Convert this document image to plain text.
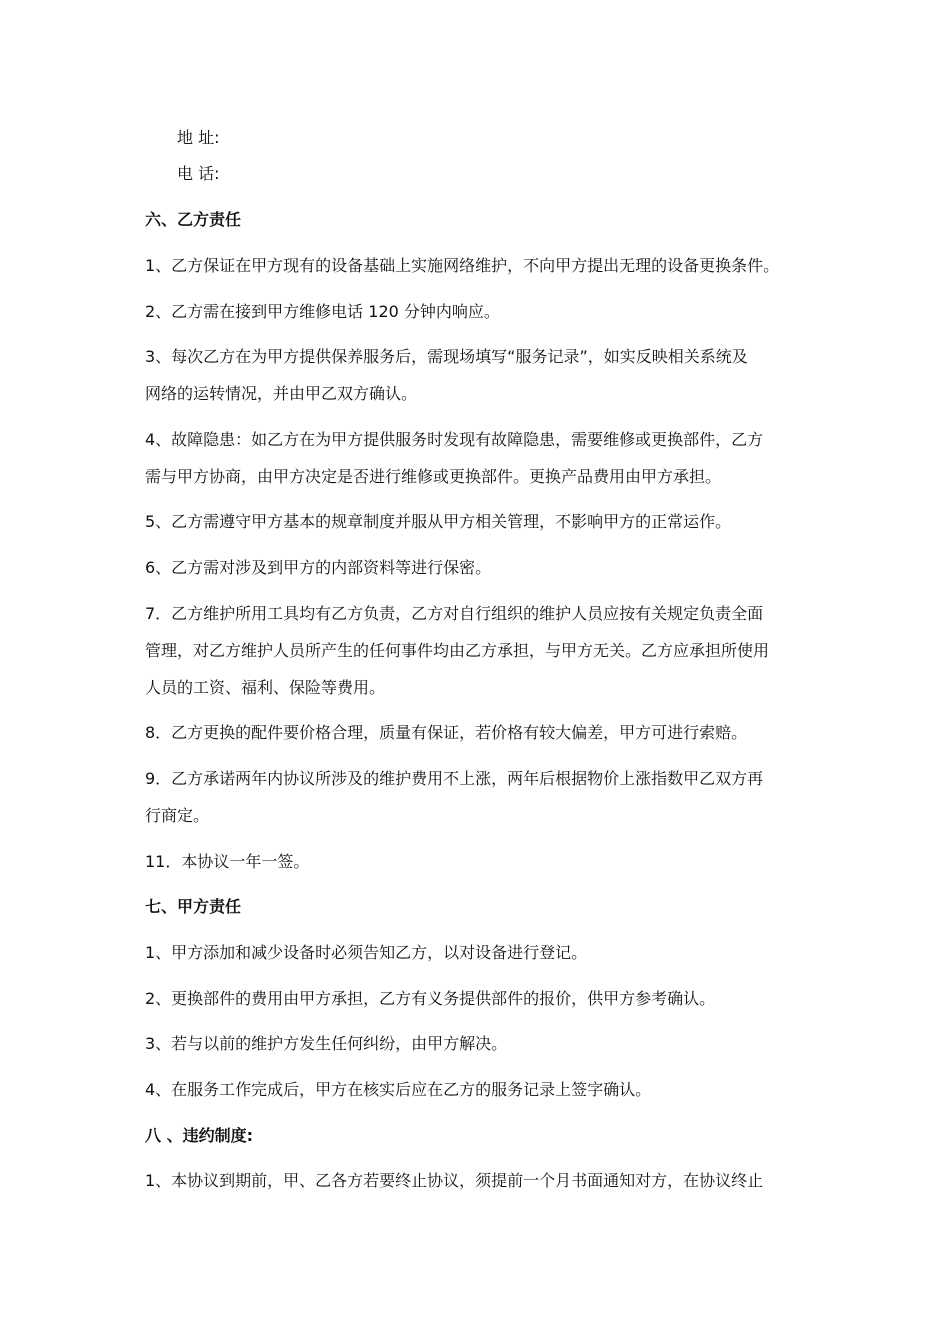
地 址:
电 话:
六、乙方责任
1、乙方保证在甲方现有的设备基础上实施网络维护，不向甲方提出无理的设备更换条件。
2、乙方需在接到甲方维修电话 120 分钟内响应。
3、每次乙方在为甲方提供保养服务后，需现场填写“服务记录”，如实反映相关系统及
网络的运转情况，并由甲乙双方确认。
4、故障隐患：如乙方在为甲方提供服务时发现有故障隐患，需要维修或更换部件，乙方
需与甲方协商，由甲方决定是否进行维修或更换部件。更换产品费用由甲方承担。
5、乙方需遵守甲方基本的规章制度并服从甲方相关管理，不影响甲方的正常运作。
6、乙方需对涉及到甲方的内部资料等进行保密。
7．乙方维护所用工具均有乙方负责，乙方对自行组织的维护人员应按有关规定负责全面
管理，对乙方维护人员所产生的任何事件均由乙方承担，与甲方无关。乙方应承担所使用
人员的工资、福利、保险等费用。
8．乙方更换的配件要价格合理，质量有保证，若价格有较大偏差，甲方可进行索赔。
9．乙方承诺两年内协议所涉及的维护费用不上涨，两年后根据物价上涨指数甲乙双方再
行商定。
11．本协议一年一签。
七、甲方责任
1、甲方添加和减少设备时必须告知乙方，以对设备进行登记。
2、更换部件的费用由甲方承担，乙方有义务提供部件的报价，供甲方参考确认。
3、若与以前的维护方发生任何纠纷，由甲方解决。
4、在服务工作完成后，甲方在核实后应在乙方的服务记录上签字确认。
八 、违约制度:
1、本协议到期前，甲、乙各方若要终止协议，须提前一个月书面通知对方，在协议终止
